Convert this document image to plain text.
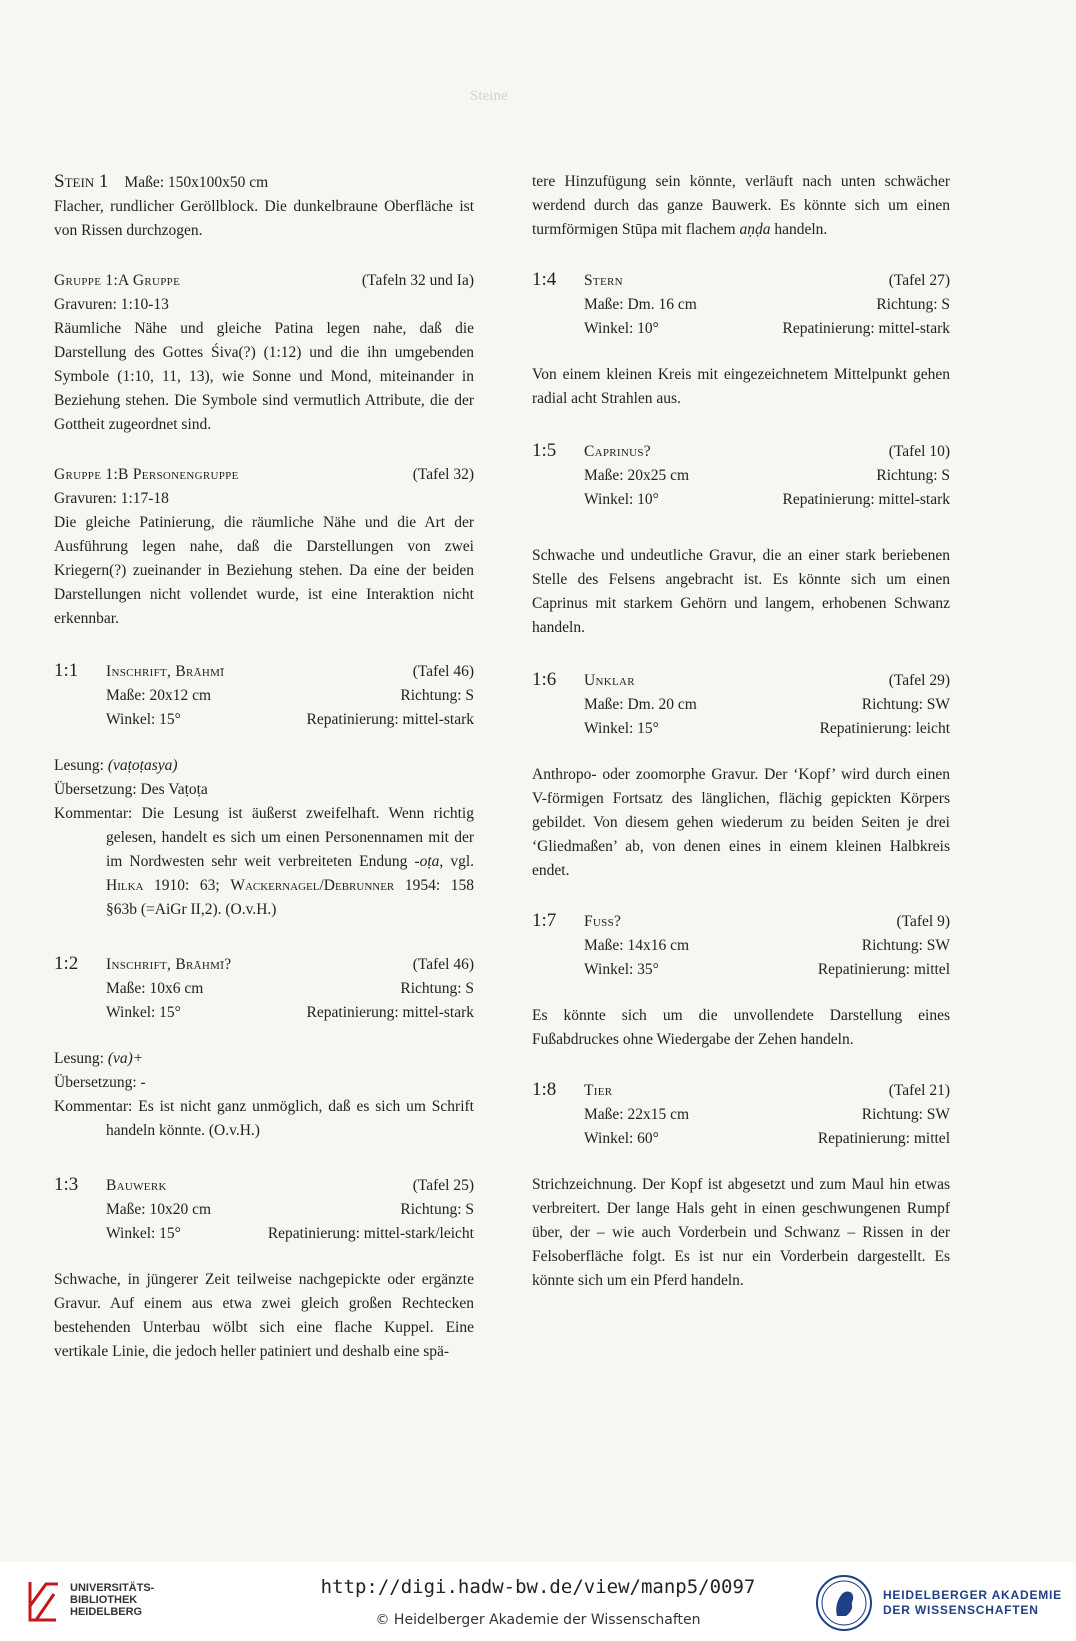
Steine
Stein 1 Maße: 150x100x50 cm

Flacher, rundlicher Geröllblock. Die dunkelbraune Oberfläche ist von Rissen durchzogen.

Gruppe 1:A Gruppe	(Tafeln 32 und Ia)

Gravuren: 1:10-13

Räumliche Nähe und gleiche Patina legen nahe, daß die Darstellung des Gottes Śiva(?) (1:12) und die ihn umgebenden Symbole (1:10, 11, 13), wie Sonne und Mond, miteinander in Beziehung stehen. Die Symbole sind vermutlich Attribute, die der Gottheit zugeordnet sind.

Gruppe 1:B Personengruppe	(Tafel 32)

Gravuren: 1:17-18

Die gleiche Patinierung, die räumliche Nähe und die Art der Ausführung legen nahe, daß die Darstellungen von zwei Kriegern(?) zueinander in Beziehung stehen. Da eine der beiden Darstellungen nicht vollendet wurde, ist eine Interaktion nicht erkennbar.

1:1	Inschrift, Brāhmī	(Tafel 46)
Maße: 20x12 cm	Richtung: S
Winkel: 15°	Repatinierung: mittel-stark

Lesung: (vaṭoṭasya)

Übersetzung: Des Vaṭoṭa

Kommentar: Die Lesung ist äußerst zweifelhaft. Wenn richtig gelesen, handelt es sich um einen Personennamen mit der im Nordwesten sehr weit verbreiteten Endung -oṭa, vgl. Hilka 1910: 63; Wackernagel/Debrunner 1954: 158 §63b (=AiGr II,2). (O.v.H.)

1:2	Inschrift, Brāhmī?	(Tafel 46)
Maße: 10x6 cm	Richtung: S
Winkel: 15°	Repatinierung: mittel-stark

Lesung: (va)+

Übersetzung: -

Kommentar: Es ist nicht ganz unmöglich, daß es sich um Schrift handeln könnte. (O.v.H.)

1:3	Bauwerk	(Tafel 25)
Maße: 10x20 cm	Richtung: S
Winkel: 15°	Repatinierung: mittel-stark/leicht

Schwache, in jüngerer Zeit teilweise nachgepickte oder ergänzte Gravur. Auf einem aus etwa zwei gleich großen Rechtecken bestehenden Unterbau wölbt sich eine flache Kuppel. Eine vertikale Linie, die jedoch heller patiniert und deshalb eine spä-

tere Hinzufügung sein könnte, verläuft nach unten schwächer werdend durch das ganze Bauwerk. Es könnte sich um einen turmförmigen Stūpa mit flachem aṇḍa handeln.

1:4	Stern	(Tafel 27)
Maße: Dm. 16 cm	Richtung: S
Winkel: 10°	Repatinierung: mittel-stark

Von einem kleinen Kreis mit eingezeichnetem Mittelpunkt gehen radial acht Strahlen aus.

1:5	Caprinus?	(Tafel 10)
Maße: 20x25 cm	Richtung: S
Winkel: 10°	Repatinierung: mittel-stark

Schwache und undeutliche Gravur, die an einer stark beriebenen Stelle des Felsens angebracht ist. Es könnte sich um einen Caprinus mit starkem Gehörn und langem, erhobenen Schwanz handeln.

1:6	Unklar	(Tafel 29)
Maße: Dm. 20 cm	Richtung: SW
Winkel: 15°	Repatinierung: leicht

Anthropo- oder zoomorphe Gravur. Der ‘Kopf’ wird durch einen V-förmigen Fortsatz des länglichen, flächig gepickten Körpers gebildet. Von diesem gehen wiederum zu beiden Seiten je drei ‘Gliedmaßen’ ab, von denen eines in einem kleinen Halbkreis endet.

1:7	Fuss?	(Tafel 9)
Maße: 14x16 cm	Richtung: SW
Winkel: 35°	Repatinierung: mittel

Es könnte sich um die unvollendete Darstellung eines Fußabdruckes ohne Wiedergabe der Zehen handeln.

1:8	Tier	(Tafel 21)
Maße: 22x15 cm	Richtung: SW
Winkel: 60°	Repatinierung: mittel

Strichzeichnung. Der Kopf ist abgesetzt und zum Maul hin etwas verbreitert. Der lange Hals geht in einen geschwungenen Rumpf über, der – wie auch Vorderbein und Schwanz – Rissen in der Felsoberfläche folgt. Es ist nur ein Vorderbein dargestellt. Es könnte sich um ein Pferd handeln.

UNIVERSITÄTS-
BIBLIOTHEK
HEIDELBERG
http://digi.hadw-bw.de/view/manp5/0097
© Heidelberger Akademie der Wissenschaften
HEIDELBERGER AKADEMIE
DER WISSENSCHAFTEN
